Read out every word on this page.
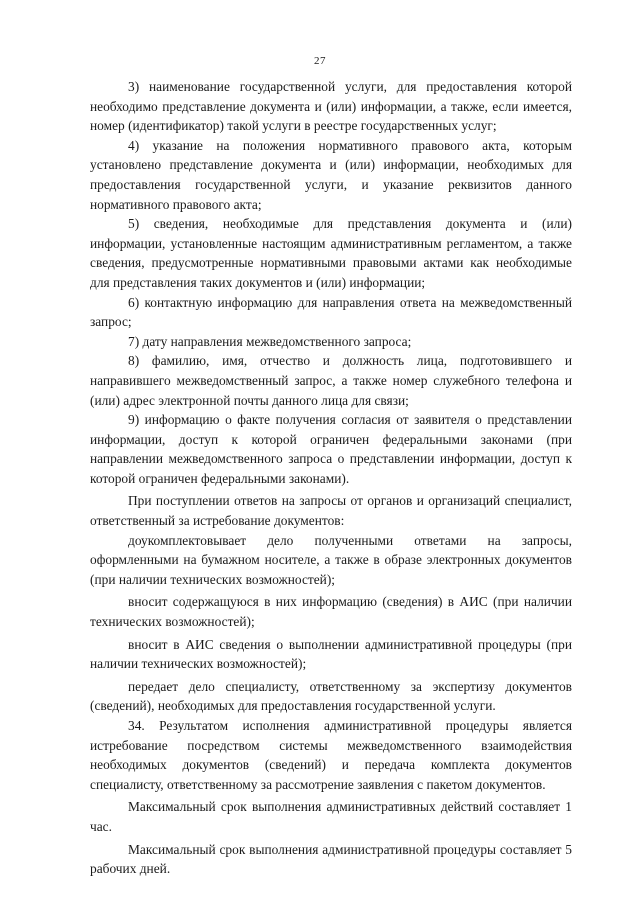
27

3) наименование государственной услуги, для предоставления которой необходимо представление документа и (или) информации, а также, если имеется, номер (идентификатор) такой услуги в реестре государственных услуг;

4) указание на положения нормативного правового акта, которым установлено представление документа и (или) информации, необходимых для предоставления государственной услуги, и указание реквизитов данного нормативного правового акта;

5) сведения, необходимые для представления документа и (или) информации, установленные настоящим административным регламентом, а также сведения, предусмотренные нормативными правовыми актами как необходимые для представления таких документов и (или) информации;

6) контактную информацию для направления ответа на межведомственный запрос;

7) дату направления межведомственного запроса;

8) фамилию, имя, отчество и должность лица, подготовившего и направившего межведомственный запрос, а также номер служебного телефона и (или) адрес электронной почты данного лица для связи;

9) информацию о факте получения согласия от заявителя о представлении информации, доступ к которой ограничен федеральными законами (при направлении межведомственного запроса о представлении информации, доступ к которой ограничен федеральными законами).

При поступлении ответов на запросы от органов и организаций специалист, ответственный за истребование документов:

доукомплектовывает дело полученными ответами на запросы, оформленными на бумажном носителе, а также в образе электронных документов (при наличии технических возможностей);

вносит содержащуюся в них информацию (сведения) в АИС (при наличии технических возможностей);

вносит в АИС сведения о выполнении административной процедуры (при наличии технических возможностей);

передает дело специалисту, ответственному за экспертизу документов (сведений), необходимых для предоставления государственной услуги.

34. Результатом исполнения административной процедуры является истребование посредством системы межведомственного взаимодействия необходимых документов (сведений) и передача комплекта документов специалисту, ответственному за рассмотрение заявления с пакетом документов.

Максимальный срок выполнения административных действий составляет 1 час.

Максимальный срок выполнения административной процедуры составляет 5 рабочих дней.
